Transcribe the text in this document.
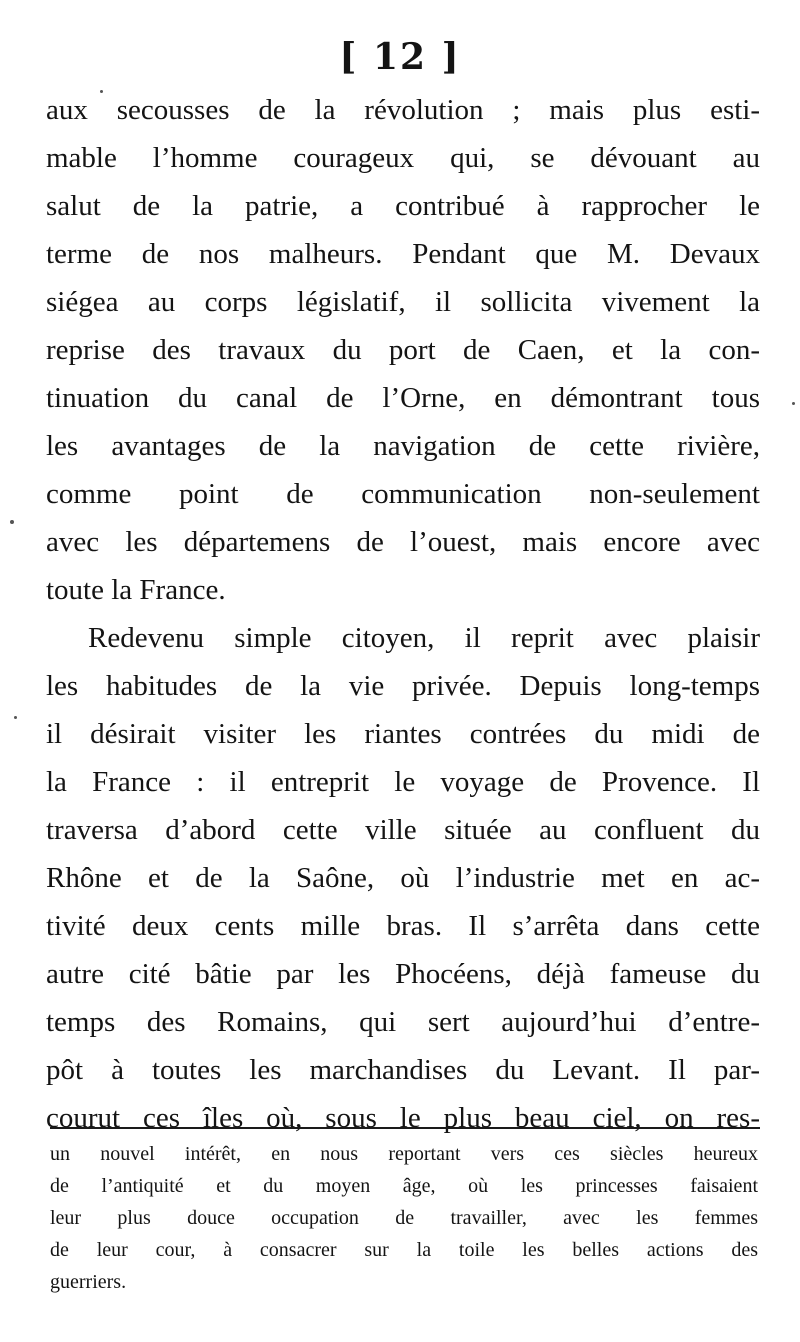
[ 12 ]
aux secousses de la révolution ; mais plus esti-
mable l’homme courageux qui, se dévouant au
salut de la patrie, a contribué à rapprocher le
terme de nos malheurs. Pendant que M. Devaux
siégea au corps législatif, il sollicita vivement la
reprise des travaux du port de Caen, et la con-
tinuation du canal de l’Orne, en démontrant tous
les avantages de la navigation de cette rivière,
comme point de communication non-seulement
avec les départemens de l’ouest, mais encore avec
toute la France.
Redevenu simple citoyen, il reprit avec plaisir
les habitudes de la vie privée. Depuis long-temps
il désirait visiter les riantes contrées du midi de
la France : il entreprit le voyage de Provence. Il
traversa d’abord cette ville située au confluent du
Rhône et de la Saône, où l’industrie met en ac-
tivité deux cents mille bras. Il s’arrêta dans cette
autre cité bâtie par les Phocéens, déjà fameuse du
temps des Romains, qui sert aujourd’hui d’entre-
pôt à toutes les marchandises du Levant. Il par-
courut ces îles où, sous le plus beau ciel, on res-
un nouvel intérêt, en nous reportant vers ces siècles heureux
de l’antiquité et du moyen âge, où les princesses faisaient
leur plus douce occupation de travailler, avec les femmes
de leur cour, à consacrer sur la toile les belles actions des
guerriers.
